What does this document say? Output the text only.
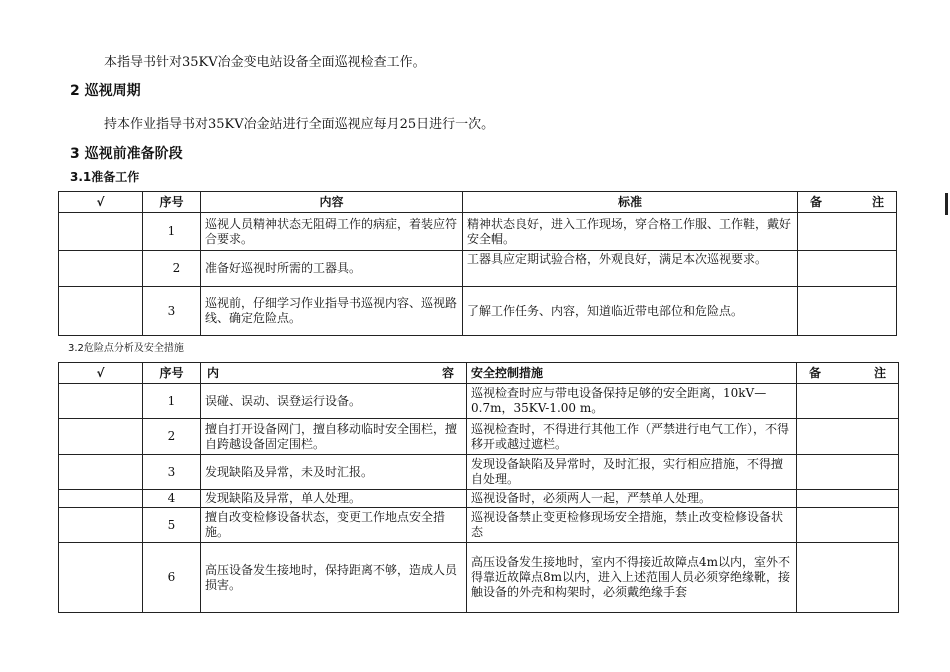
本指导书针对35KV冶金变电站设备全面巡视检查工作。
2 巡视周期
持本作业指导书对35KV冶金站进行全面巡视应每月25日进行一次。
3 巡视前准备阶段
3.1准备工作
√	序号	内容	标准	备 注

	1	巡视人员精神状态无阻碍工作的病症，着装应符合要求。	精神状态良好，进入工作现场，穿合格工作服、工作鞋，戴好安全帽。	
	2	准备好巡视时所需的工器具。	工器具应定期试验合格，外观良好，满足本次巡视要求。	
	3	巡视前，仔细学习作业指导书巡视内容、巡视路线、确定危险点。	了解工作任务、内容，知道临近带电部位和危险点。	
3.2危险点分析及安全措施
√	序号	内 容	安全控制措施	备 注

	1	误碰、误动、误登运行设备。	巡视检查时应与带电设备保持足够的安全距离，10kV—0.7m，35KV-1.00 m。	
	2	擅自打开设备网门，擅自移动临时安全围栏，擅自跨越设备固定围栏。	巡视检查时，不得进行其他工作（严禁进行电气工作），不得移开或越过遮栏。	
	3	发现缺陷及异常，未及时汇报。	发现设备缺陷及异常时，及时汇报，实行相应措施，不得擅自处理。	
	4	发现缺陷及异常，单人处理。	巡视设备时，必须两人一起，严禁单人处理。	
	5	擅自改变检修设备状态，变更工作地点安全措施。	巡视设备禁止变更检修现场安全措施，禁止改变检修设备状态	
	6	高压设备发生接地时，保持距离不够，造成人员损害。	高压设备发生接地时，室内不得接近故障点4m以内，室外不得靠近故障点8m以内，进入上述范围人员必须穿绝缘靴，接触设备的外壳和构架时，必须戴绝缘手套	
